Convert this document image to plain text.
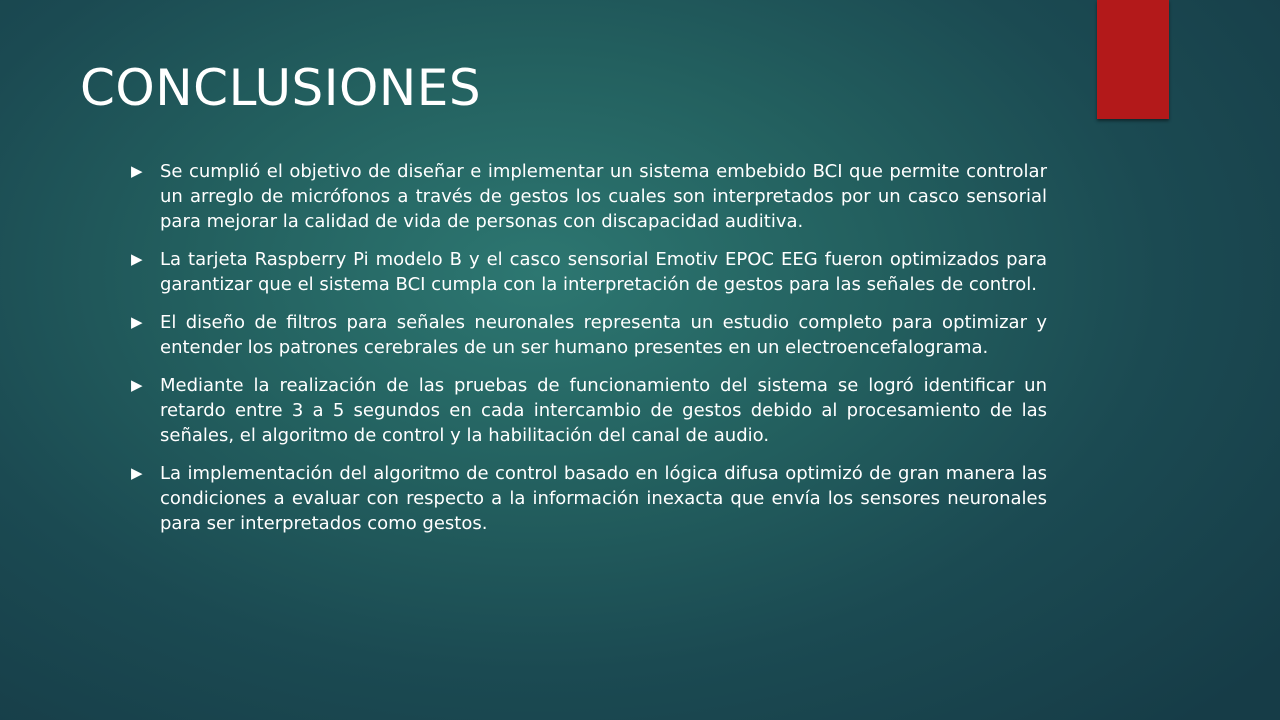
CONCLUSIONES
▶ Se cumplió el objetivo de diseñar e implementar un sistema embebido BCI que permite controlar un arreglo de micrófonos a través de gestos los cuales son interpretados por un casco sensorial para mejorar la calidad de vida de personas con discapacidad auditiva.
▶ La tarjeta Raspberry Pi modelo B y el casco sensorial Emotiv EPOC EEG fueron optimizados para garantizar que el sistema BCI cumpla con la interpretación de gestos para las señales de control.
▶ El diseño de filtros para señales neuronales representa un estudio completo para optimizar y entender los patrones cerebrales de un ser humano presentes en un electroencefalograma.
▶ Mediante la realización de las pruebas de funcionamiento del sistema se logró identificar un retardo entre 3 a 5 segundos en cada intercambio de gestos debido al procesamiento de las señales, el algoritmo de control y la habilitación del canal de audio.
▶ La implementación del algoritmo de control basado en lógica difusa optimizó de gran manera las condiciones a evaluar con respecto a la información inexacta que envía los sensores neuronales para ser interpretados como gestos.
